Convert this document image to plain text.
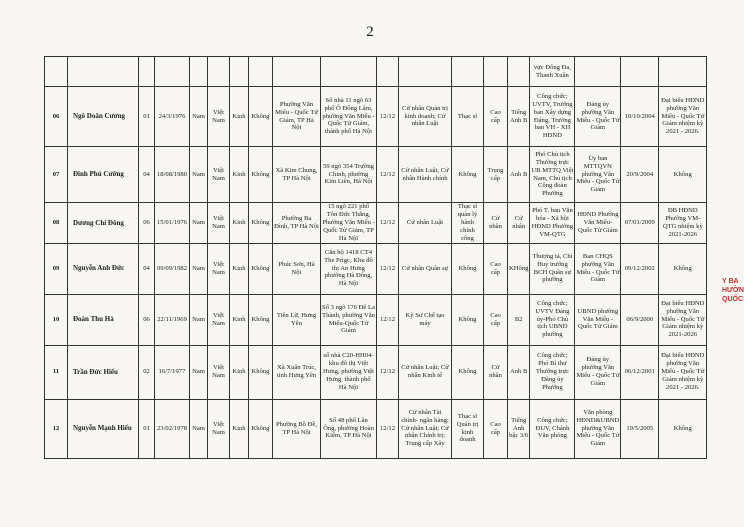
2
															vực Đông Đa, Thanh Xuân			
06	Ngô Doãn Cương	01	24/3/1976	Nam	Việt Nam	Kinh	Không	Phường Văn Miếu - Quốc Tử Giám, TP Hà Nội	Số nhà 11 ngõ 63 phố Ô Đông Lâm, phường Văn Miếu - Quốc Tử Giám, thành phố Hà Nội	12/12	Cử nhân Quản trị kinh doanh; Cử nhân Luật	Thạc sĩ	Cao cấp	Tiếng Anh B	Công chức; UVTV, Trưởng ban Xây dựng Đảng, Trưởng ban VH - XH HĐND	Đảng ủy phường Văn Miếu - Quốc Tử Giám	10/10/2004	Đại biểu HĐND phường Văn Miếu - Quốc Tử Giám nhiệm kỳ 2021 - 2026.
07	Đinh Phú Cường	04	18/08/1980	Nam	Việt Nam	Kinh	Không	Xã Kim Chung, TP Hà Nội	59 ngõ 354 Trường Chinh, phường Kim Liên, Hà Nội	12/12	Cử nhân Luật, Cử nhân Hành chính	Không	Trung cấp	Anh B	Phó Chủ tịch Thường trực UB MTTQ Việt Nam, Chủ tịch Công đoàn Phường	Ủy ban MTTQVN phường Văn Miếu - Quốc Tử Giám	20/9/2004	Không
08	Dương Chí Đông	06	15/01/1976	Nam	Việt Nam	Kinh	Không	Phường Ba Đình, TP Hà Nội	15 ngõ 221 phố Tôn Đức Thắng, Phường Văn Miếu - Quốc Tử Giám, TP Hà Nội	12/12	Cử nhân Luật	Thạc sĩ quản lý hành chính công	Cử nhân	Cử nhân	Phó T. ban Văn hóa - Xã hội HĐND Phường VM-QTG	HĐND Phường Văn Miếu-Quốc Tử Giám	07/01/2009	ĐB HĐND Phường VM-QTG nhiệm kỳ 2021-2026
09	Nguyễn Anh Đức	04	09/09/1982	Nam	Việt Nam	Kinh	Không	Phúc Sơn, Hà Nội	Căn hộ 1418 CT4 The Prigc, Khu đô thị An Hưng phường Hà Đông, Hà Nội	12/12	Cử nhân Quân sự	Không	Cao cấp	KHông	Thượng tá, Chỉ Huy trưởng BCH Quân sự phường	Ban CHQS phường Văn Miếu - Quốc Tử Giám	09/12/2002	Không
10	Đoàn Thu Hà	06	22/11/1969	Nam	Việt Nam	Kinh	Không	Tiên Lữ, Hưng Yên	Số 3 ngõ 176 Đê La Thành, phường Văn Miếu-Quốc Tử Giám	12/12	Kỹ Sư Chế tạo máy	Không	Cao cấp	B2	Công chức; UVTV Đảng ủy-Phó Chủ tịch UBND phường	UBND phường Văn Miếu - Quốc Tử Giám	06/9/2000	Đại biểu HĐND phường Văn Miếu - Quốc Tử Giám nhiệm kỳ 2021-2026
11	Trần Đức Hiếu	02	16/7/1977	Nam	Việt Nam	Kinh	Không	Xã Xuân Trúc, tỉnh Hưng Yên	số nhà C20-HH04-khu đô thị Việt Hưng, phường Việt Hưng, thành phố Hà Nội	12/12	Cử nhân Luật; Cử nhân Kinh tế	Không	Cử nhân	Anh B	Công chức; Phó Bí thư Thường trực Đảng ủy Phường	Đảng ủy phường Văn Miếu - Quốc Tử Giám	06/12/2001	Đại biểu HĐND phường Văn Miếu - Quốc Tử Giám nhiệm kỳ 2021 - 2026.
12	Nguyễn Mạnh Hiếu	01	23/02/1978	Nam	Việt Nam	Kinh	Không	Phường Bồ Đề, TP Hà Nội	Số 48 phố Lãn Ông, phường Hoàn Kiếm, TP Hà Nội	12/12	Cử nhân Tài chính- ngân hàng; Cử nhân Luật; Cử nhân Chính trị; Trung cấp Xây	Thạc sĩ Quản trị kinh doanh	Cao cấp	Tiếng Anh bậc 3/6	Công chức; ĐUV, Chánh Văn phòng	Văn phòng HĐND&UBND phường Văn Miếu - Quốc Tử Giám	19/5/2005	Không
Y BA
HƯỜN
QUỐC
